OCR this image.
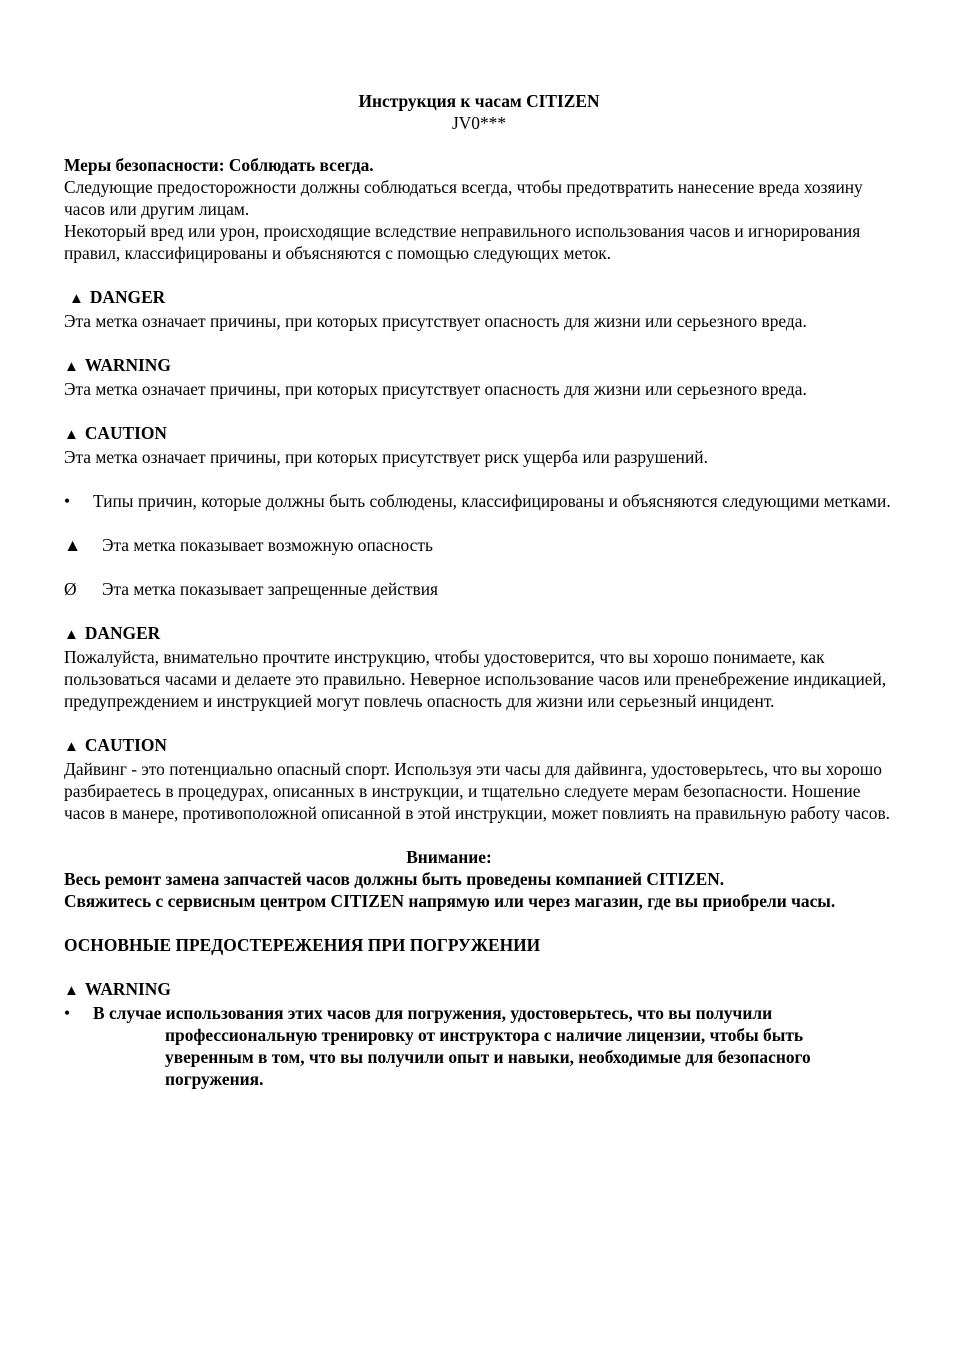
Инструкция к часам CITIZEN

JV0***

Меры безопасности: Соблюдать всегда.

Следующие предосторожности должны соблюдаться всегда, чтобы предотвратить нанесение вреда хозяину часов или другим лицам.

Некоторый вред или урон, происходящие вследствие неправильного использования часов и игнорирования правил, классифицированы и объясняются с помощью следующих меток.

▲ DANGER

Эта метка означает причины, при которых присутствует опасность для жизни или серьезного вреда.

▲ WARNING

Эта метка означает причины, при которых присутствует опасность для жизни или серьезного вреда.

▲ CAUTION

Эта метка означает причины, при которых присутствует риск ущерба или разрушений.

•	Типы причин, которые должны быть соблюдены, классифицированы и объясняются следующими метками.
▲ Эта метка показывает возможную опасность
Ø Эта метка показывает запрещенные действия

▲ DANGER

Пожалуйста, внимательно прочтите инструкцию, чтобы удостоверится, что вы хорошо понимаете, как пользоваться часами и делаете это правильно. Неверное использование часов или пренебрежение индикацией, предупреждением и инструкцией могут повлечь опасность для жизни или серьезный инцидент.

▲ CAUTION

Дайвинг - это потенциально опасный спорт. Используя эти часы для дайвинга, удостоверьтесь, что вы хорошо разбираетесь в процедурах, описанных в инструкции, и тщательно следуете мерам безопасности. Ношение часов в манере, противоположной описанной в этой инструкции, может повлиять на правильную работу часов.

Внимание:

Весь ремонт замена запчастей часов должны быть проведены компанией CITIZEN.

Свяжитесь с сервисным центром CITIZEN напрямую или через магазин, где вы приобрели часы.

ОСНОВНЫЕ ПРЕДОСТЕРЕЖЕНИЯ ПРИ ПОГРУЖЕНИИ

▲ WARNING

• В случае использования этих часов для погружения, удостоверьтесь, что вы получили
профессиональную тренировку от инструктора с наличие лицензии, чтобы быть уверенным в том, что вы получили опыт и навыки, необходимые для безопасного погружения.
